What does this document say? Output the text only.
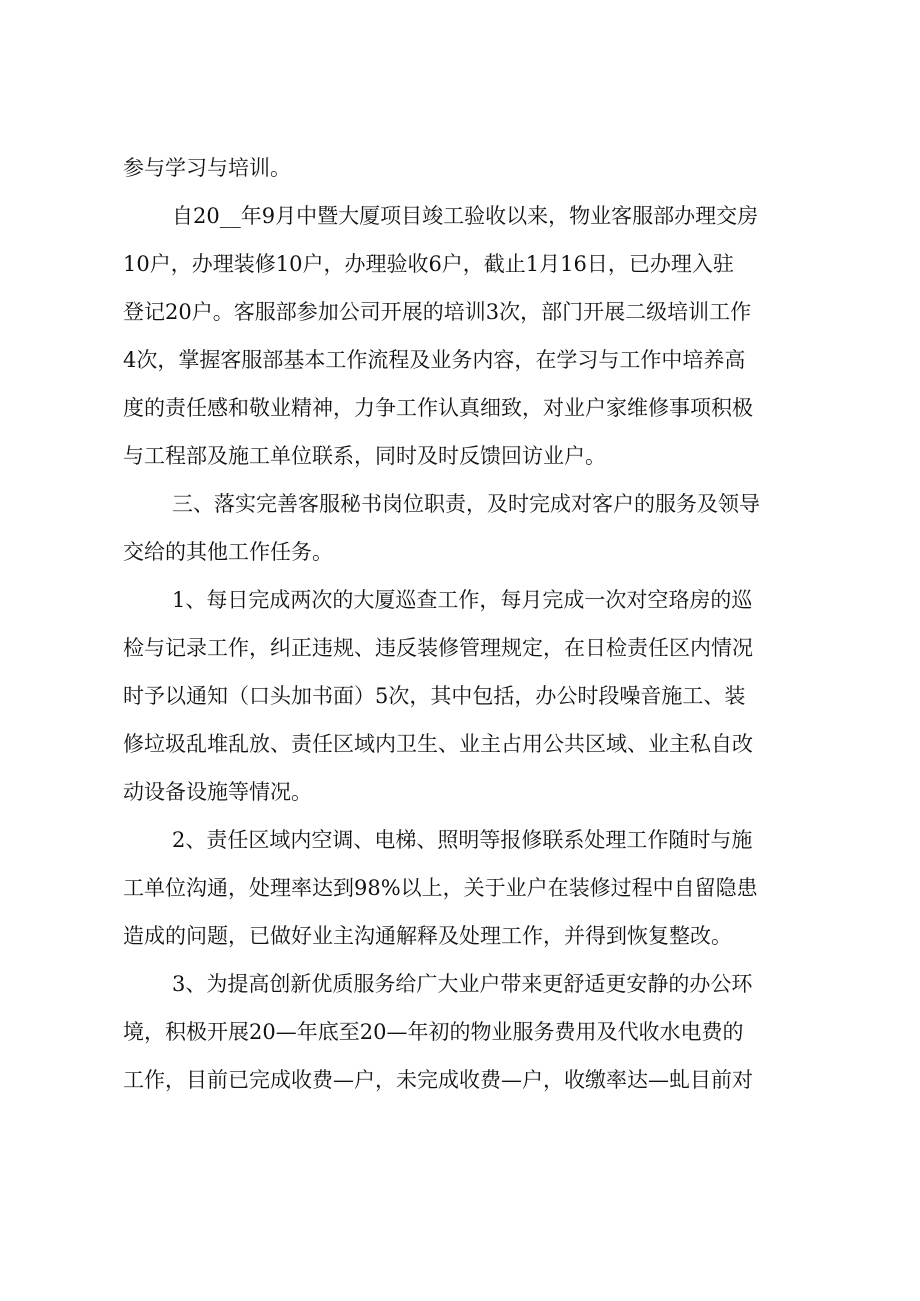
参与学习与培训。
自20__年9月中暨大厦项目竣工验收以来，物业客服部办理交房
10户，办理装修10户，办理验收6户，截止1月16日，已办理入驻
登记20户。客服部参加公司开展的培训3次，部门开展二级培训工作
4次，掌握客服部基本工作流程及业务内容，在学习与工作中培养高
度的责任感和敬业精神，力争工作认真细致，对业户家维修事项积极
与工程部及施工单位联系，同时及时反馈回访业户。
三、落实完善客服秘书岗位职责，及时完成对客户的服务及领导
交给的其他工作任务。
1、每日完成两次的大厦巡查工作，每月完成一次对空珞房的巡
检与记录工作，纠正违规、违反装修管理规定，在日检责任区内情况
时予以通知（口头加书面）5次，其中包括，办公时段噪音施工、装
修垃圾乱堆乱放、责任区域内卫生、业主占用公共区域、业主私自改
动设备设施等情况。
2、责任区域内空调、电梯、照明等报修联系处理工作随时与施
工单位沟通，处理率达到98%以上，关于业户在装修过程中自留隐患
造成的问题，已做好业主沟通解释及处理工作，并得到恢复整改。
3、为提高创新优质服务给广大业户带来更舒适更安静的办公环
境，积极开展20—年底至20—年初的物业服务费用及代收水电费的
工作，目前已完成收费—户，未完成收费—户，收缴率达—虬目前对
